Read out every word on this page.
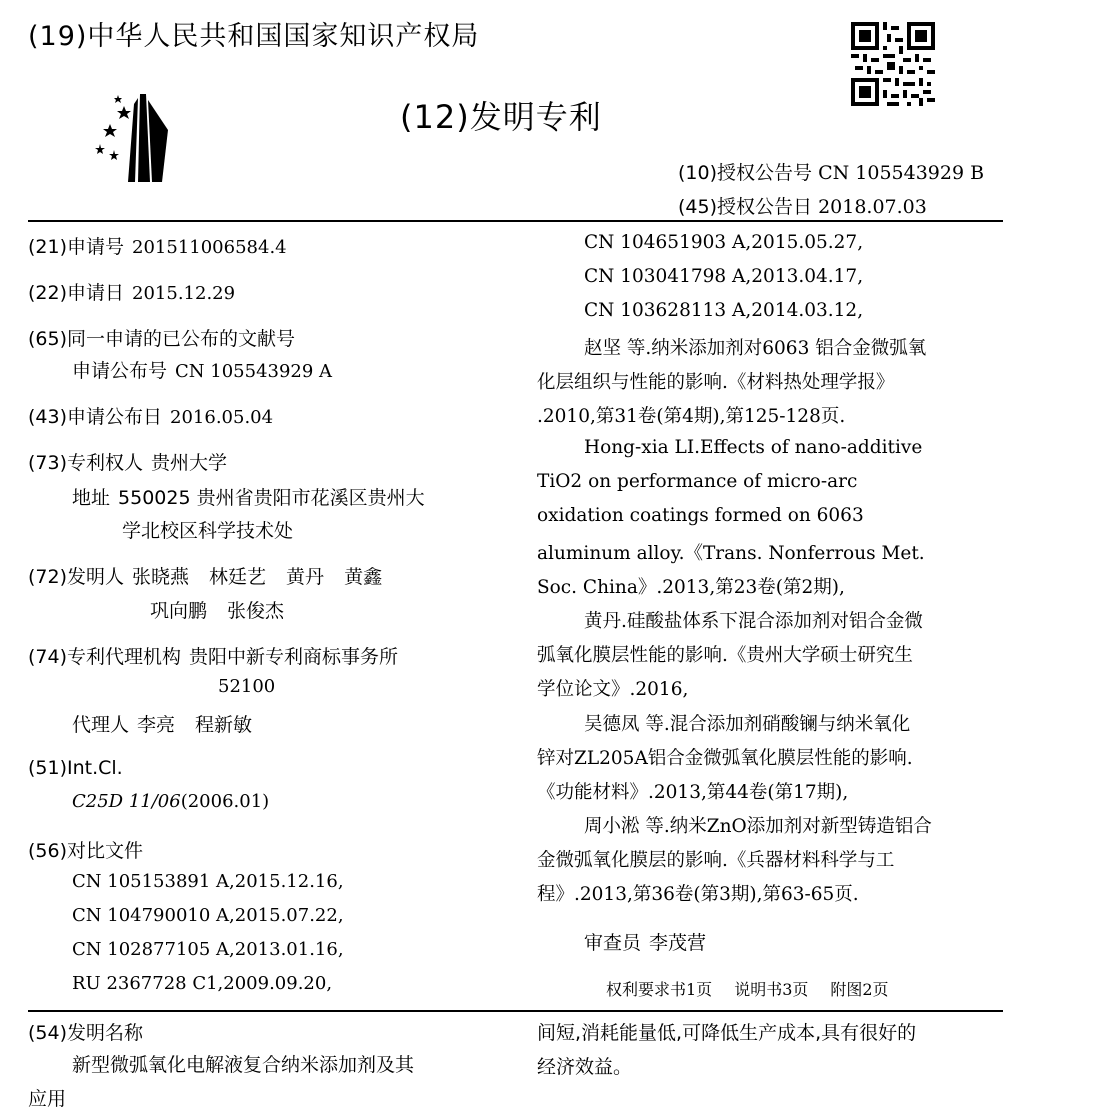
(19)中华人民共和国国家知识产权局
(12)发明专利
(10)授权公告号 CN 105543929 B
(45)授权公告日 2018.07.03
(21)申请号 201511006584.4
(22)申请日 2015.12.29
(65)同一申请的已公布的文献号
申请公布号 CN 105543929 A
(43)申请公布日 2016.05.04
(73)专利权人 贵州大学
地址 550025 贵州省贵阳市花溪区贵州大
学北校区科学技术处
(72)发明人 张晓燕 林廷艺 黄丹 黄鑫
巩向鹏 张俊杰
(74)专利代理机构 贵阳中新专利商标事务所
52100
代理人 李亮 程新敏
(51)Int.Cl.
C25D 11/06(2006.01)
(56)对比文件
CN 105153891 A,2015.12.16,
CN 104790010 A,2015.07.22,
CN 102877105 A,2013.01.16,
RU 2367728 C1,2009.09.20,
CN 104651903 A,2015.05.27,
CN 103041798 A,2013.04.17,
CN 103628113 A,2014.03.12,
赵坚 等.纳米添加剂对6063 铝合金微弧氧
化层组织与性能的影响.《材料热处理学报》
.2010,第31卷(第4期),第125-128页.
Hong-xia LI.Effects of nano-additive
TiO2 on performance of micro-arc
oxidation coatings formed on 6063
aluminum alloy.《Trans. Nonferrous Met.
Soc. China》.2013,第23卷(第2期),
黄丹.硅酸盐体系下混合添加剂对铝合金微
弧氧化膜层性能的影响.《贵州大学硕士研究生
学位论文》.2016,
吴德凤 等.混合添加剂硝酸镧与纳米氧化
锌对ZL205A铝合金微弧氧化膜层性能的影响.
《功能材料》.2013,第44卷(第17期),
周小淞 等.纳米ZnO添加剂对新型铸造铝合
金微弧氧化膜层的影响.《兵器材料科学与工
程》.2013,第36卷(第3期),第63-65页.
审查员 李茂营
权利要求书1页 说明书3页 附图2页
(54)发明名称
新型微弧氧化电解液复合纳米添加剂及其
应用
间短,消耗能量低,可降低生产成本,具有很好的
经济效益。
